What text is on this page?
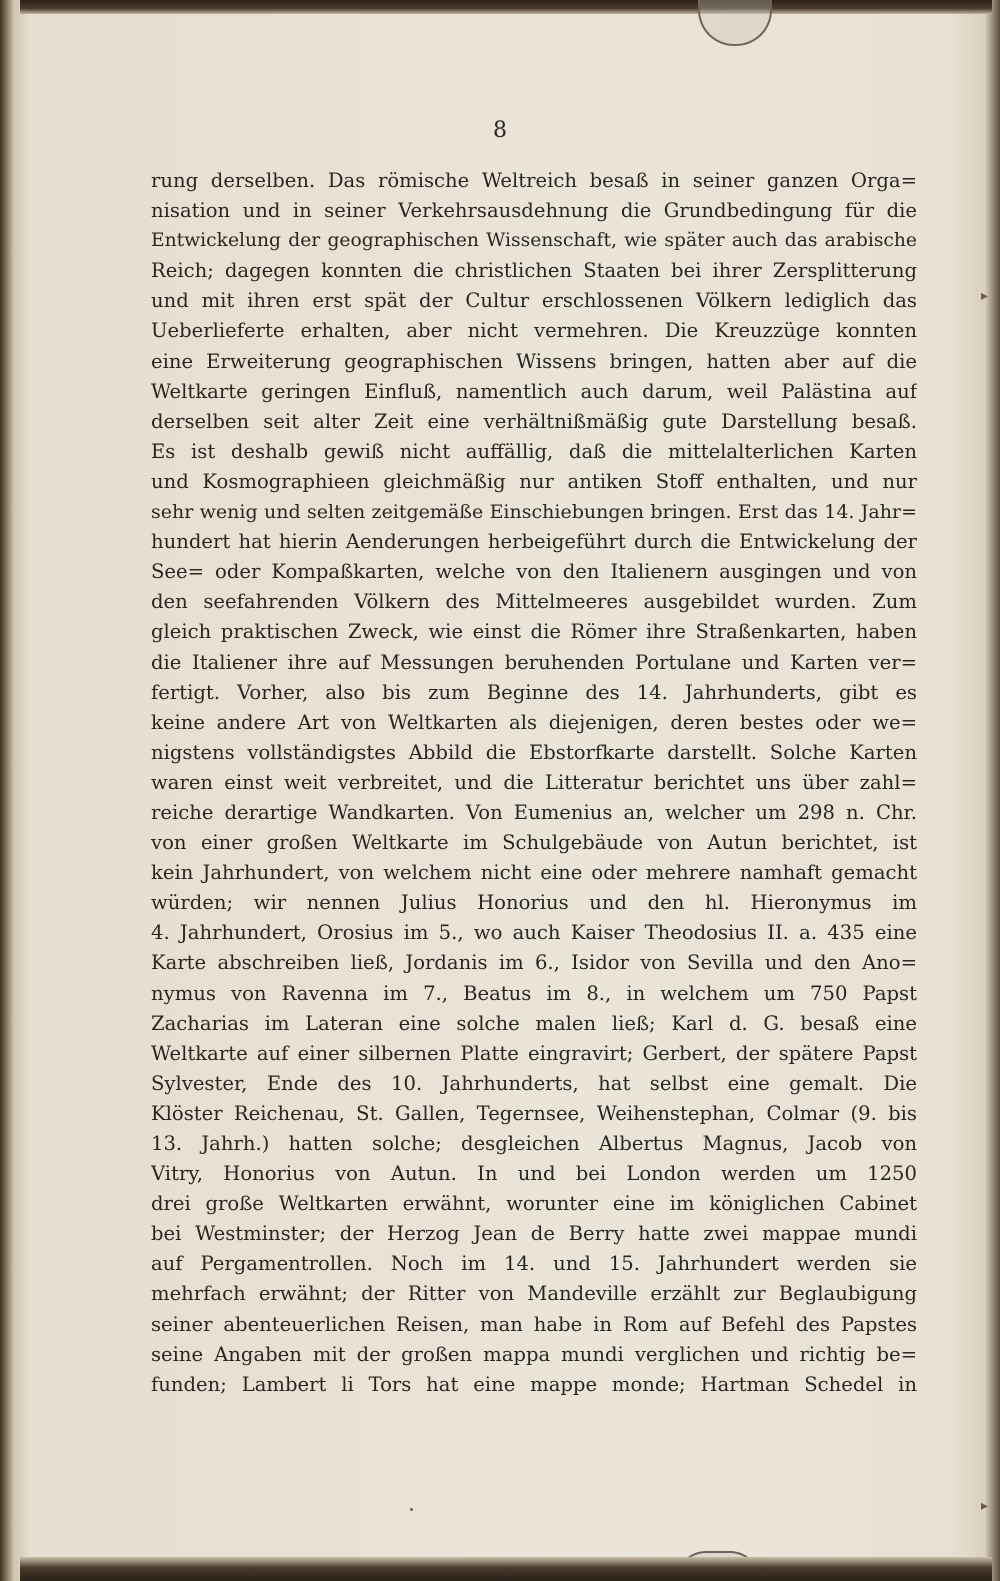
8
rung derselben. Das römische Weltreich besaß in seiner ganzen Orga=
nisation und in seiner Verkehrsausdehnung die Grundbedingung für die
Entwickelung der geographischen Wissenschaft, wie später auch das arabische
Reich; dagegen konnten die christlichen Staaten bei ihrer Zersplitterung
und mit ihren erst spät der Cultur erschlossenen Völkern lediglich das
Ueberlieferte erhalten, aber nicht vermehren. Die Kreuzzüge konnten
eine Erweiterung geographischen Wissens bringen, hatten aber auf die
Weltkarte geringen Einfluß, namentlich auch darum, weil Palästina auf
derselben seit alter Zeit eine verhältnißmäßig gute Darstellung besaß.
Es ist deshalb gewiß nicht auffällig, daß die mittelalterlichen Karten
und Kosmographieen gleichmäßig nur antiken Stoff enthalten, und nur
sehr wenig und selten zeitgemäße Einschiebungen bringen. Erst das 14. Jahr=
hundert hat hierin Aenderungen herbeigeführt durch die Entwickelung der
See= oder Kompaßkarten, welche von den Italienern ausgingen und von
den seefahrenden Völkern des Mittelmeeres ausgebildet wurden. Zum
gleich praktischen Zweck, wie einst die Römer ihre Straßenkarten, haben
die Italiener ihre auf Messungen beruhenden Portulane und Karten ver=
fertigt. Vorher, also bis zum Beginne des 14. Jahrhunderts, gibt es
keine andere Art von Weltkarten als diejenigen, deren bestes oder we=
nigstens vollständigstes Abbild die Ebstorfkarte darstellt. Solche Karten
waren einst weit verbreitet, und die Litteratur berichtet uns über zahl=
reiche derartige Wandkarten. Von Eumenius an, welcher um 298 n. Chr.
von einer großen Weltkarte im Schulgebäude von Autun berichtet, ist
kein Jahrhundert, von welchem nicht eine oder mehrere namhaft gemacht
würden; wir nennen Julius Honorius und den hl. Hieronymus im
4. Jahrhundert, Orosius im 5., wo auch Kaiser Theodosius II. a. 435 eine
Karte abschreiben ließ, Jordanis im 6., Isidor von Sevilla und den Ano=
nymus von Ravenna im 7., Beatus im 8., in welchem um 750 Papst
Zacharias im Lateran eine solche malen ließ; Karl d. G. besaß eine
Weltkarte auf einer silbernen Platte eingravirt; Gerbert, der spätere Papst
Sylvester, Ende des 10. Jahrhunderts, hat selbst eine gemalt. Die
Klöster Reichenau, St. Gallen, Tegernsee, Weihenstephan, Colmar (9. bis
13. Jahrh.) hatten solche; desgleichen Albertus Magnus, Jacob von
Vitry, Honorius von Autun. In und bei London werden um 1250
drei große Weltkarten erwähnt, worunter eine im königlichen Cabinet
bei Westminster; der Herzog Jean de Berry hatte zwei mappae mundi
auf Pergamentrollen. Noch im 14. und 15. Jahrhundert werden sie
mehrfach erwähnt; der Ritter von Mandeville erzählt zur Beglaubigung
seiner abenteuerlichen Reisen, man habe in Rom auf Befehl des Papstes
seine Angaben mit der großen mappa mundi verglichen und richtig be=
funden; Lambert li Tors hat eine mappe monde; Hartman Schedel in
▸
▸
